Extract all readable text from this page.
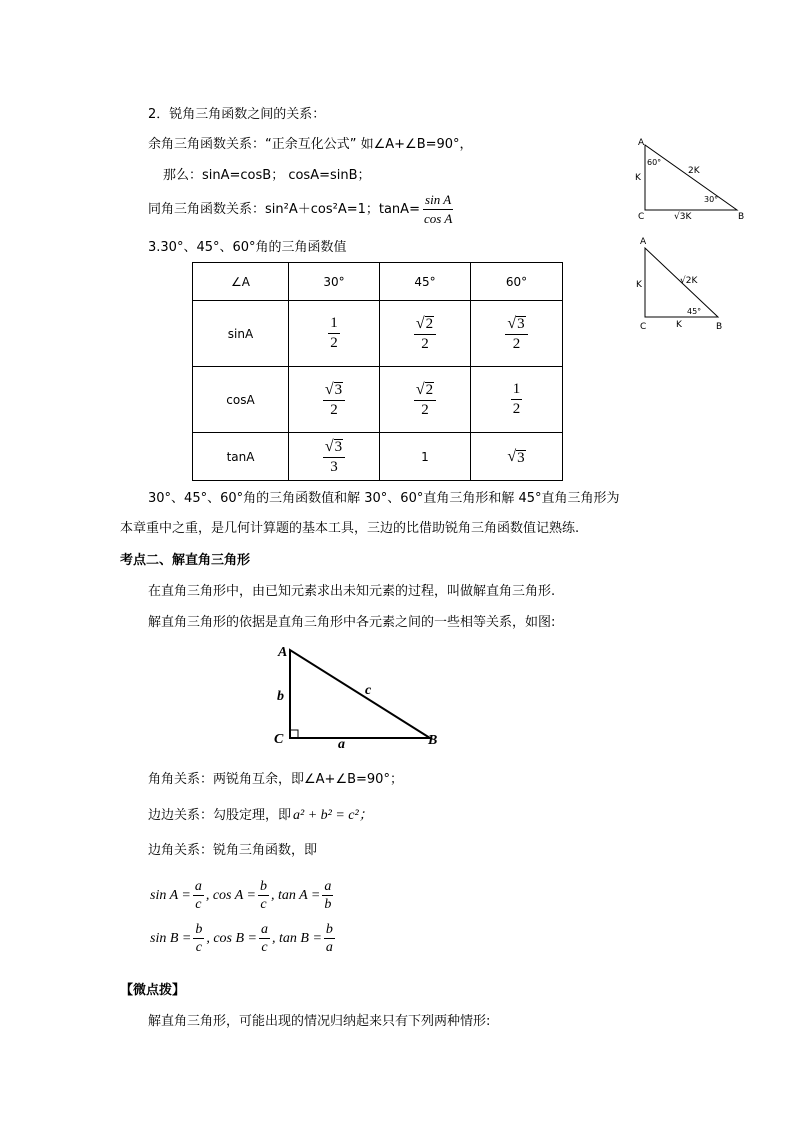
2．锐角三角函数之间的关系：
余角三角函数关系：“正余互化公式” 如∠A+∠B=90°，
那么：sinA=cosB； cosA=sinB；
同角三角函数关系：sin²A＋cos²A=1；$\tan A= \frac{\text{sin A}}{\text{cos A}}$
3.30°、45°、60°角的三角函数值
∠A	30°	45°	60°
sinA	$\frac{1}{2}$	$\frac{√ 2}{2}$	$\frac{√ 3}{2}$

cosA	$\frac{√ 3}{2}$	$\frac{√ 2}{2}$	$\frac{1}{2}$

tanA	$\frac{√ 3}{3}$	1	√ 3
A
60°
K
2K
30°
C	√3K	B
A
K	√2K
45°
C	K	B
30°、45°、60°角的三角函数值和解 30°、60°直角三角形和解 45°直角三角形为
本章重中之重，是几何计算题的基本工具，三边的比借助锐角三角函数值记熟练.
考点二、解直角三角形
在直角三角形中，由已知元素求出未知元素的过程，叫做解直角三角形.
解直角三角形的依据是直角三角形中各元素之间的一些相等关系，如图:
A
b	c
C	a	B
角角关系：两锐角互余，即∠A+∠B=90°；
边边关系：勾股定理，即 a² + b² = c²；
边角关系：锐角三角函数，即
$\sin A = \frac{a}{c}$ , $\cos A = \frac{b}{c}$ , $\tan A = \frac{a}{b}$
$\sin B = \frac{b}{c}$ , $\cos B = \frac{a}{c}$ , $\tan B = \frac{b}{a}$
【微点拨】
解直角三角形，可能出现的情况归纳起来只有下列两种情形:
